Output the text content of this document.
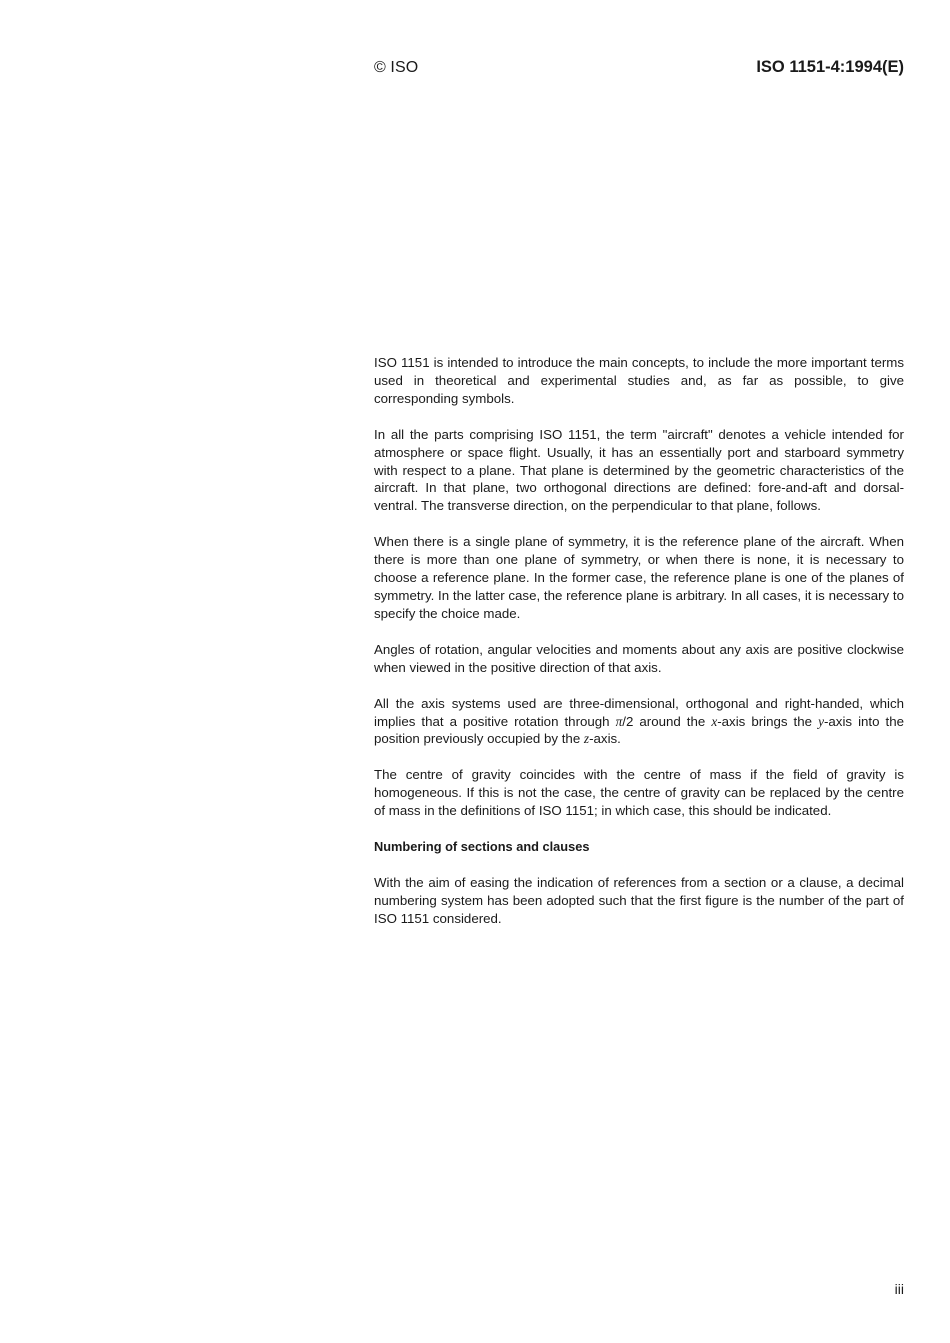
© ISO	ISO 1151-4:1994(E)

ISO 1151 is intended to introduce the main concepts, to include the more important terms used in theoretical and experimental studies and, as far as possible, to give corresponding symbols.

In all the parts comprising ISO 1151, the term "aircraft" denotes a vehicle intended for atmosphere or space flight. Usually, it has an essentially port and starboard symmetry with respect to a plane. That plane is determined by the geometric characteristics of the aircraft. In that plane, two orthogonal directions are defined: fore-and-aft and dorsal-ventral. The transverse direction, on the perpendicular to that plane, follows.

When there is a single plane of symmetry, it is the reference plane of the aircraft. When there is more than one plane of symmetry, or when there is none, it is necessary to choose a reference plane. In the former case, the reference plane is one of the planes of symmetry. In the latter case, the reference plane is arbitrary. In all cases, it is necessary to specify the choice made.

Angles of rotation, angular velocities and moments about any axis are positive clockwise when viewed in the positive direction of that axis.

All the axis systems used are three-dimensional, orthogonal and right-handed, which implies that a positive rotation through π/2 around the x-axis brings the y-axis into the position previously occupied by the z-axis.

The centre of gravity coincides with the centre of mass if the field of gravity is homogeneous. If this is not the case, the centre of gravity can be replaced by the centre of mass in the definitions of ISO 1151; in which case, this should be indicated.

Numbering of sections and clauses

With the aim of easing the indication of references from a section or a clause, a decimal numbering system has been adopted such that the first figure is the number of the part of ISO 1151 considered.

iii
